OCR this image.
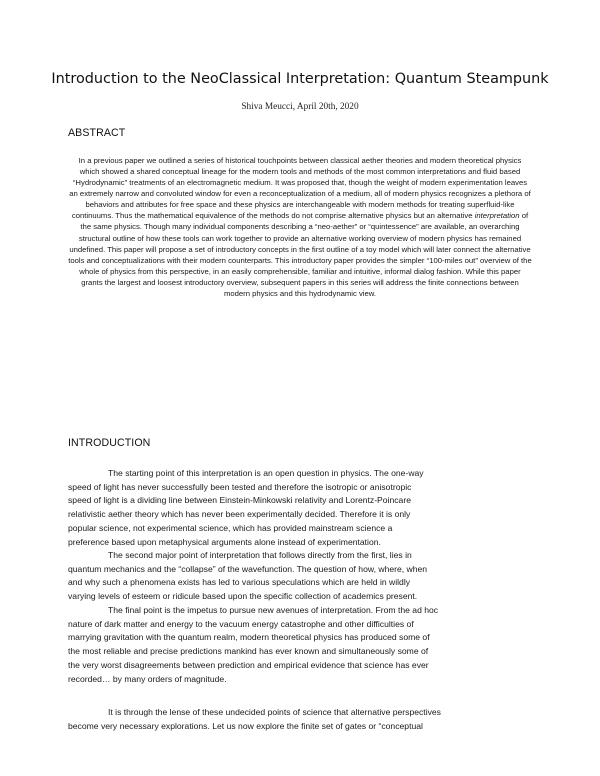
Introduction to the NeoClassical Interpretation: Quantum Steampunk
Shiva Meucci, April 20th, 2020
ABSTRACT

In a previous paper we outlined a series of historical touchpoints between classical aether theories and modern theoretical physics which showed a shared conceptual lineage for the modern tools and methods of the most common interpretations and fluid based “Hydrodynamic” treatments of an electromagnetic medium. It was proposed that, though the weight of modern experimentation leaves an extremely narrow and convoluted window for even a reconceptualization of a medium, all of modern physics recognizes a plethora of behaviors and attributes for free space and these physics are interchangeable with modern methods for treating superfluid-like continuums. Thus the mathematical equivalence of the methods do not comprise alternative physics but an alternative interpretation of the same physics. Though many individual components describing a “neo-aether” or “quintessence” are available, an overarching structural outline of how these tools can work together to provide an alternative working overview of modern physics has remained undefined. This paper will propose a set of introductory concepts in the first outline of a toy model which will later connect the alternative tools and conceptualizations with their modern counterparts. This introductory paper provides the simpler “100-miles out” overview of the whole of physics from this perspective, in an easily comprehensible, familiar and intuitive, informal dialog fashion. While this paper grants the largest and loosest introductory overview, subsequent papers in this series will address the finite connections between modern physics and this hydrodynamic view.

INTRODUCTION

The starting point of this interpretation is an open question in physics. The one-way
speed of light has never successfully been tested and therefore the isotropic or anisotropic
speed of light is a dividing line between Einstein-Minkowski relativity and Lorentz-Poincare
relativistic aether theory which has never been experimentally decided. Therefore it is only
popular science, not experimental science, which has provided mainstream science a
preference based upon metaphysical arguments alone instead of experimentation.

The second major point of interpretation that follows directly from the first, lies in
quantum mechanics and the “collapse” of the wavefunction. The question of how, where, when
and why such a phenomena exists has led to various speculations which are held in wildly
varying levels of esteem or ridicule based upon the specific collection of academics present.

The final point is the impetus to pursue new avenues of interpretation. From the ad hoc
nature of dark matter and energy to the vacuum energy catastrophe and other difficulties of
marrying gravitation with the quantum realm, modern theoretical physics has produced some of
the most reliable and precise predictions mankind has ever known and simultaneously some of
the very worst disagreements between prediction and empirical evidence that science has ever
recorded… by many orders of magnitude.

It is through the lense of these undecided points of science that alternative perspectives
become very necessary explorations. Let us now explore the finite set of gates or “conceptual
